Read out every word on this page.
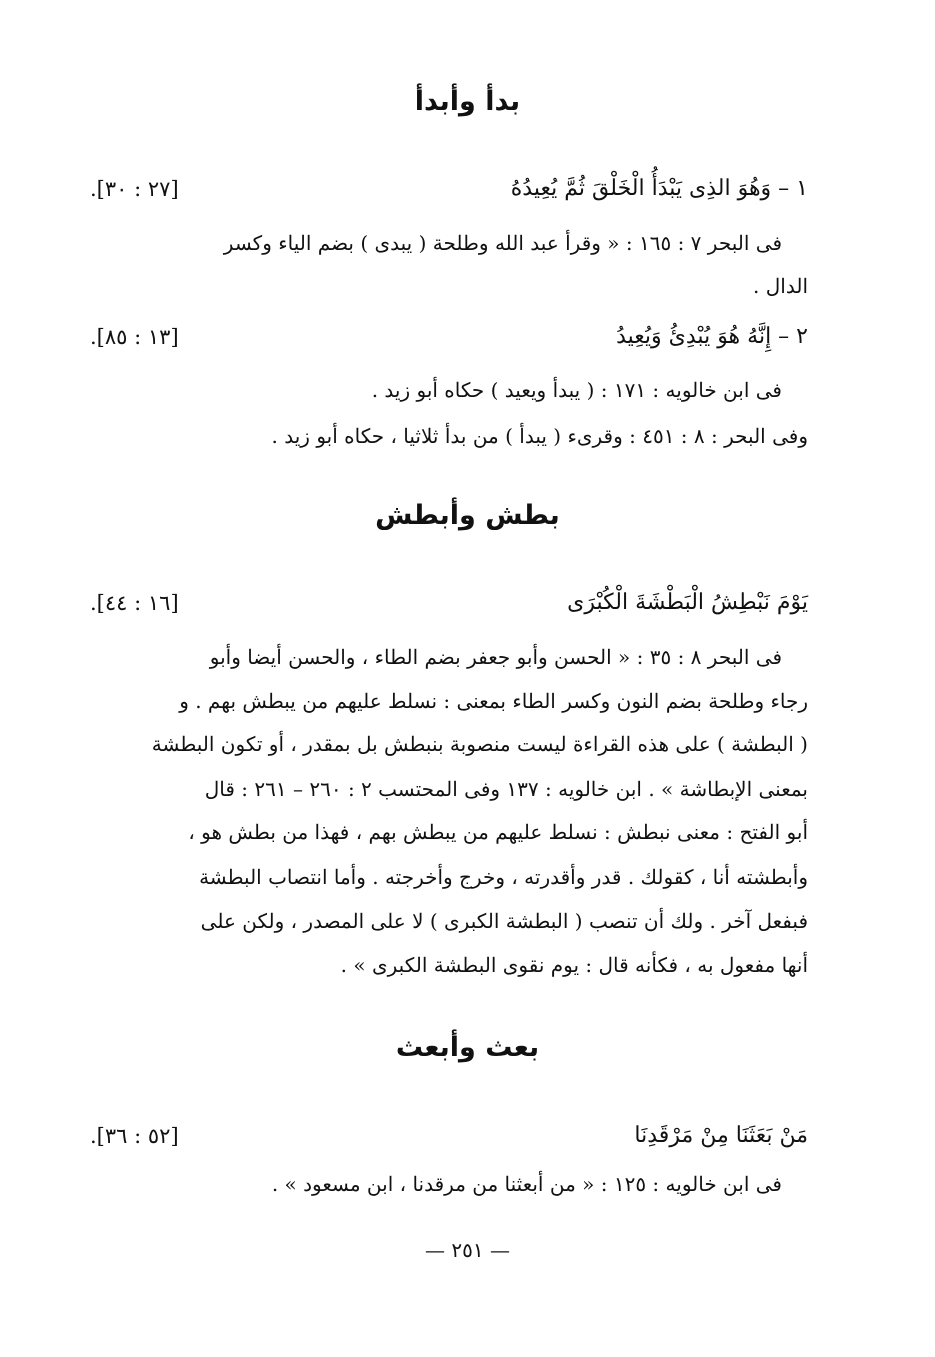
بدأ وأبدأ
١ – وَهُوَ الذِى يَبْدَأُ الْخَلْقَ ثُمَّ يُعِيدُهُ
.[٢٧ : ٣٠]
فى البحر ٧ : ١٦٥ : « وقرأ عبد الله وطلحة ( يبدى ) بضم الياء وكسر
الدال .
٢ – إِنَّهُ هُوَ يُبْدِئُ وَيُعِيدُ
.[١٣ : ٨٥]
فى ابن خالويه : ١٧١ : ( يبدأ ويعيد ) حكاه أبو زيد .
وفى البحر : ٨ : ٤٥١ : وقرىء ( يبدأ ) من بدأ ثلاثيا ، حكاه أبو زيد .
بطش وأبطش
يَوْمَ نَبْطِشُ الْبَطْشَةَ الْكُبْرَى
.[١٦ : ٤٤]
فى البحر ٨ : ٣٥ : « الحسن وأبو جعفر بضم الطاء ، والحسن أيضا وأبو
رجاء وطلحة بضم النون وكسر الطاء بمعنى : نسلط عليهم من يبطش بهم . و
( البطشة ) على هذه القراءة ليست منصوبة بنبطش بل بمقدر ، أو تكون البطشة
بمعنى الإبطاشة » . ابن خالويه : ١٣٧ وفى المحتسب ٢ : ٢٦٠ – ٢٦١ : قال
أبو الفتح : معنى نبطش : نسلط عليهم من يبطش بهم ، فهذا من بطش هو ،
وأبطشته أنا ، كقولك . قدر وأقدرته ، وخرج وأخرجته . وأما انتصاب البطشة
فبفعل آخر . ولك أن تنصب ( البطشة الكبرى ) لا على المصدر ، ولكن على
أنها مفعول به ، فكأنه قال : يوم نقوى البطشة الكبرى » .
بعث وأبعث
مَنْ بَعَثَنَا مِنْ مَرْقَدِنَا
.[٥٢ : ٣٦]
فى ابن خالويه : ١٢٥ : « من أبعثنا من مرقدنا ، ابن مسعود » .
— ٢٥١ —
